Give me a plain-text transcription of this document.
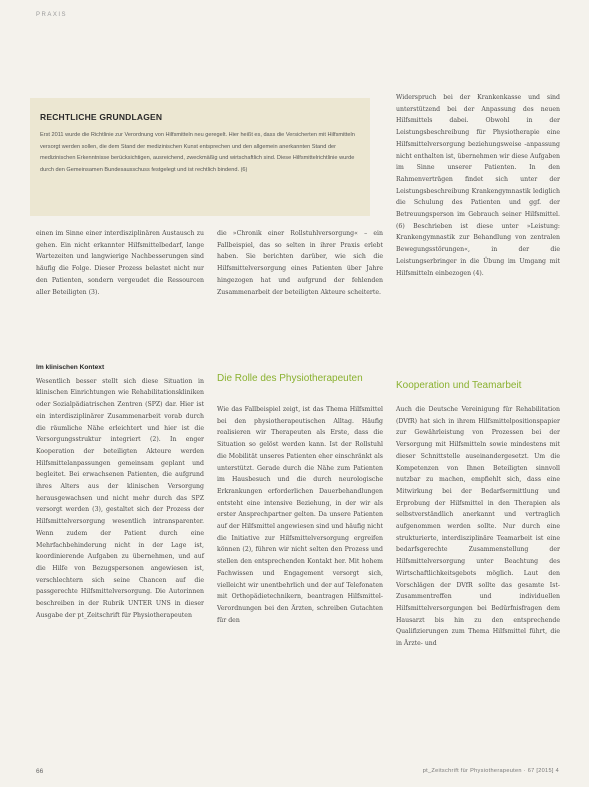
PRAXIS
RECHTLICHE GRUNDLAGEN
Erst 2011 wurde die Richtlinie zur Verordnung von Hilfsmitteln neu geregelt. Hier heißt es, dass die Versicherten mit Hilfsmitteln versorgt werden sollen, die dem Stand der medizinischen Kunst entsprechen und den allgemein anerkannten Stand der medizinischen Erkenntnisse berücksichtigen, ausreichend, zweckmäßig und wirtschaftlich sind. Diese Hilfsmittelrichtlinie wurde durch den Gemeinsamen Bundesausschuss festgelegt und ist rechtlich bindend. (6)

Widerspruch bei der Krankenkasse und sind unterstützend bei der Anpassung des neuen Hilfsmittels dabei. Obwohl in der Leistungsbeschreibung für Physiotherapie eine Hilfsmittelversorgung beziehungsweise -anpassung nicht enthalten ist, übernehmen wir diese Aufgaben im Sinne unserer Patienten. In den Rahmenverträgen findet sich unter der Leistungsbeschreibung Krankengymnastik lediglich die Schulung des Patienten und ggf. der Betreuungsperson im Gebrauch seiner Hilfsmittel. (6) Beschrieben ist diese unter »Leistung: Krankengymnastik zur Behandlung von zentralen Bewegungsstörungen«, in der die Leistungserbringer in die Übung im Umgang mit Hilfsmitteln einbezogen (4).

einen im Sinne einer interdisziplinären Austausch zu gehen. Ein nicht erkannter Hilfsmittelbedarf, lange Wartezeiten und langwierige Nachbesserungen sind häufig die Folge. Dieser Prozess belastet nicht nur den Patienten, sondern vergeudet die Ressourcen aller Beteiligten (3).

Im klinischen Kontext

Wesentlich besser stellt sich diese Situation in klinischen Einrichtungen wie Rehabilitationskliniken oder Sozialpädiatrischen Zentren (SPZ) dar. Hier ist ein interdisziplinärer Zusammenarbeit vorab durch die räumliche Nähe erleichtert und hier ist die Versorgungsstruktur integriert (2). In enger Kooperation der beteiligten Akteure werden Hilfsmittelanpassungen gemeinsam geplant und begleitet. Bei erwachsenen Patienten, die aufgrund ihres Alters aus der klinischen Versorgung herausgewachsen und nicht mehr durch das SPZ versorgt werden (3), gestaltet sich der Prozess der Hilfsmittelversorgung wesentlich intransparenter. Wenn zudem der Patient durch eine Mehrfachbehinderung nicht in der Lage ist, koordinierende Aufgaben zu übernehmen, und auf die Hilfe von Bezugspersonen angewiesen ist, verschlechtern sich seine Chancen auf die passgerechte Hilfsmittelversorgung. Die Autorinnen beschreiben in der Rubrik UNTER UNS in dieser Ausgabe der pt_Zeitschrift für Physiotherapeuten

die »Chronik einer Rollstuhlversorgung« – ein Fallbeispiel, das so selten in ihrer Praxis erlebt haben. Sie berichten darüber, wie sich die Hilfsmittelversorgung eines Patienten über Jahre hingezogen hat und aufgrund der fehlenden Zusammenarbeit der beteiligten Akteure scheiterte.

Die Rolle des Physiotherapeuten

Wie das Fallbeispiel zeigt, ist das Thema Hilfsmittel bei den physiotherapeutischen Alltag. Häufig realisieren wir Therapeuten als Erste, dass die Situation so gelöst werden kann. Ist der Rollstuhl die Mobilität unseres Patienten eher einschränkt als unterstützt. Gerade durch die Nähe zum Patienten im Hausbesuch und die durch neurologische Erkrankungen erforderlichen Dauerbehandlungen entsteht eine intensive Beziehung, in der wir als erster Ansprechpartner gelten. Da unsere Patienten auf der Hilfsmittel angewiesen sind und häufig nicht die Initiative zur Hilfsmittelversorgung ergreifen können (2), führen wir nicht selten den Prozess und stellen den entsprechenden Kontakt her. Mit hohem Fachwissen und Engagement versorgt sich, vielleicht wir unentbehrlich und der auf Telefonaten mit Orthopädietechnikern, beantragen Hilfsmittel-Verordnungen bei den Ärzten, schreiben Gutachten für den

Kooperation und Teamarbeit

Auch die Deutsche Vereinigung für Rehabilitation (DVfR) hat sich in ihrem Hilfsmittelpositionspapier zur Gewährleistung von Prozessen bei der Versorgung mit Hilfsmitteln sowie mindestens mit dieser Schnittstelle auseinandergesetzt. Um die Kompetenzen von Ihnen Beteiligten sinnvoll nutzbar zu machen, empfiehlt sich, dass eine Mitwirkung bei der Bedarfsermittlung und Erprobung der Hilfsmittel in den Therapien als selbstverständlich anerkannt und vertraglich aufgenommen werden sollte. Nur durch eine strukturierte, interdisziplinäre Teamarbeit ist eine bedarfsgerechte Zusammenstellung der Hilfsmittelversorgung unter Beachtung des Wirtschaftlichkeitsgebots möglich. Laut den Vorschlägen der DVfR sollte das gesamte Ist-Zusammentreffen und individuellen Hilfsmittelversorgungen bei Bedürfnisfragen dem Hausarzt bis hin zu den entsprechende Qualifizierungen zum Thema Hilfsmittel führt, die in Ärzte- und

66	pt_Zeitschrift für Physiotherapeuten · 67 [2015] 4
